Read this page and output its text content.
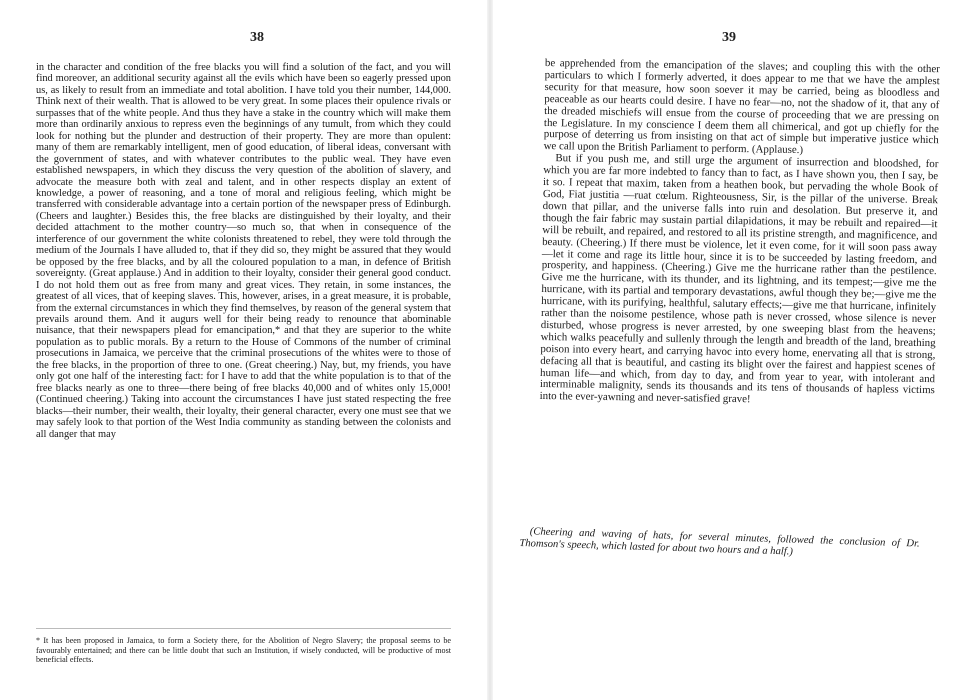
38

in the character and condition of the free blacks you will find a solution of the fact, and you will find moreover, an additional security against all the evils which have been so eagerly pressed upon us, as likely to result from an immediate and total abolition. I have told you their number, 144,000. Think next of their wealth. That is allowed to be very great. In some places their opulence rivals or surpasses that of the white people. And thus they have a stake in the country which will make them more than ordinarily anxious to repress even the beginnings of any tumult, from which they could look for nothing but the plunder and destruction of their property. They are more than opulent: many of them are remarkably intelligent, men of good education, of liberal ideas, conversant with the government of states, and with whatever contributes to the public weal. They have even established newspapers, in which they discuss the very question of the abolition of slavery, and advocate the measure both with zeal and talent, and in other respects display an extent of knowledge, a power of reasoning, and a tone of moral and religious feeling, which might be transferred with considerable advantage into a certain portion of the newspaper press of Edinburgh. (Cheers and laughter.) Besides this, the free blacks are distinguished by their loyalty, and their decided attachment to the mother country—so much so, that when in consequence of the interference of our government the white colonists threatened to rebel, they were told through the medium of the Journals I have alluded to, that if they did so, they might be assured that they would be opposed by the free blacks, and by all the coloured population to a man, in defence of British sovereignty. (Great applause.) And in addition to their loyalty, consider their general good conduct. I do not hold them out as free from many and great vices. They retain, in some instances, the greatest of all vices, that of keeping slaves. This, however, arises, in a great measure, it is probable, from the external circumstances in which they find themselves, by reason of the general system that prevails around them. And it augurs well for their being ready to renounce that abominable nuisance, that their newspapers plead for emancipation,* and that they are superior to the white population as to public morals. By a return to the House of Commons of the number of criminal prosecutions in Jamaica, we perceive that the criminal prosecutions of the whites were to those of the free blacks, in the proportion of three to one. (Great cheering.) Nay, but, my friends, you have only got one half of the interesting fact: for I have to add that the white population is to that of the free blacks nearly as one to three—there being of free blacks 40,000 and of whites only 15,000! (Continued cheering.) Taking into account the circumstances I have just stated respecting the free blacks—their number, their wealth, their loyalty, their general character, every one must see that we may safely look to that portion of the West India community as standing between the colonists and all danger that may

* It has been proposed in Jamaica, to form a Society there, for the Abolition of Negro Slavery; the proposal seems to be favourably entertained; and there can be little doubt that such an Institution, if wisely conducted, will be productive of most beneficial effects.
39

be apprehended from the emancipation of the slaves; and coupling this with the other particulars to which I formerly adverted, it does appear to me that we have the amplest security for that measure, how soon soever it may be carried, being as bloodless and peaceable as our hearts could desire. I have no fear—no, not the shadow of it, that any of the dreaded mischiefs will ensue from the course of proceeding that we are pressing on the Legislature. In my conscience I deem them all chimerical, and got up chiefly for the purpose of deterring us from insisting on that act of simple but imperative justice which we call upon the British Parliament to perform. (Applause.)

But if you push me, and still urge the argument of insurrection and bloodshed, for which you are far more indebted to fancy than to fact, as I have shown you, then I say, be it so. I repeat that maxim, taken from a heathen book, but pervading the whole Book of God, Fiat justitia —ruat cœlum. Righteousness, Sir, is the pillar of the universe. Break down that pillar, and the universe falls into ruin and desolation. But preserve it, and though the fair fabric may sustain partial dilapidations, it may be rebuilt and repaired—it will be rebuilt, and repaired, and restored to all its pristine strength, and magnificence, and beauty. (Cheering.) If there must be violence, let it even come, for it will soon pass away—let it come and rage its little hour, since it is to be succeeded by lasting freedom, and prosperity, and happiness. (Cheering.) Give me the hurricane rather than the pestilence. Give me the hurricane, with its thunder, and its lightning, and its tempest;—give me the hurricane, with its partial and temporary devastations, awful though they be;—give me the hurricane, with its purifying, healthful, salutary effects;—give me that hurricane, infinitely rather than the noisome pestilence, whose path is never crossed, whose silence is never disturbed, whose progress is never arrested, by one sweeping blast from the heavens; which walks peacefully and sullenly through the length and breadth of the land, breathing poison into every heart, and carrying havoc into every home, enervating all that is strong, defacing all that is beautiful, and casting its blight over the fairest and happiest scenes of human life—and which, from day to day, and from year to year, with intolerant and interminable malignity, sends its thousands and its tens of thousands of hapless victims into the ever-yawning and never-satisfied grave!

(Cheering and waving of hats, for several minutes, followed the conclusion of Dr. Thomson's speech, which lasted for about two hours and a half.)
